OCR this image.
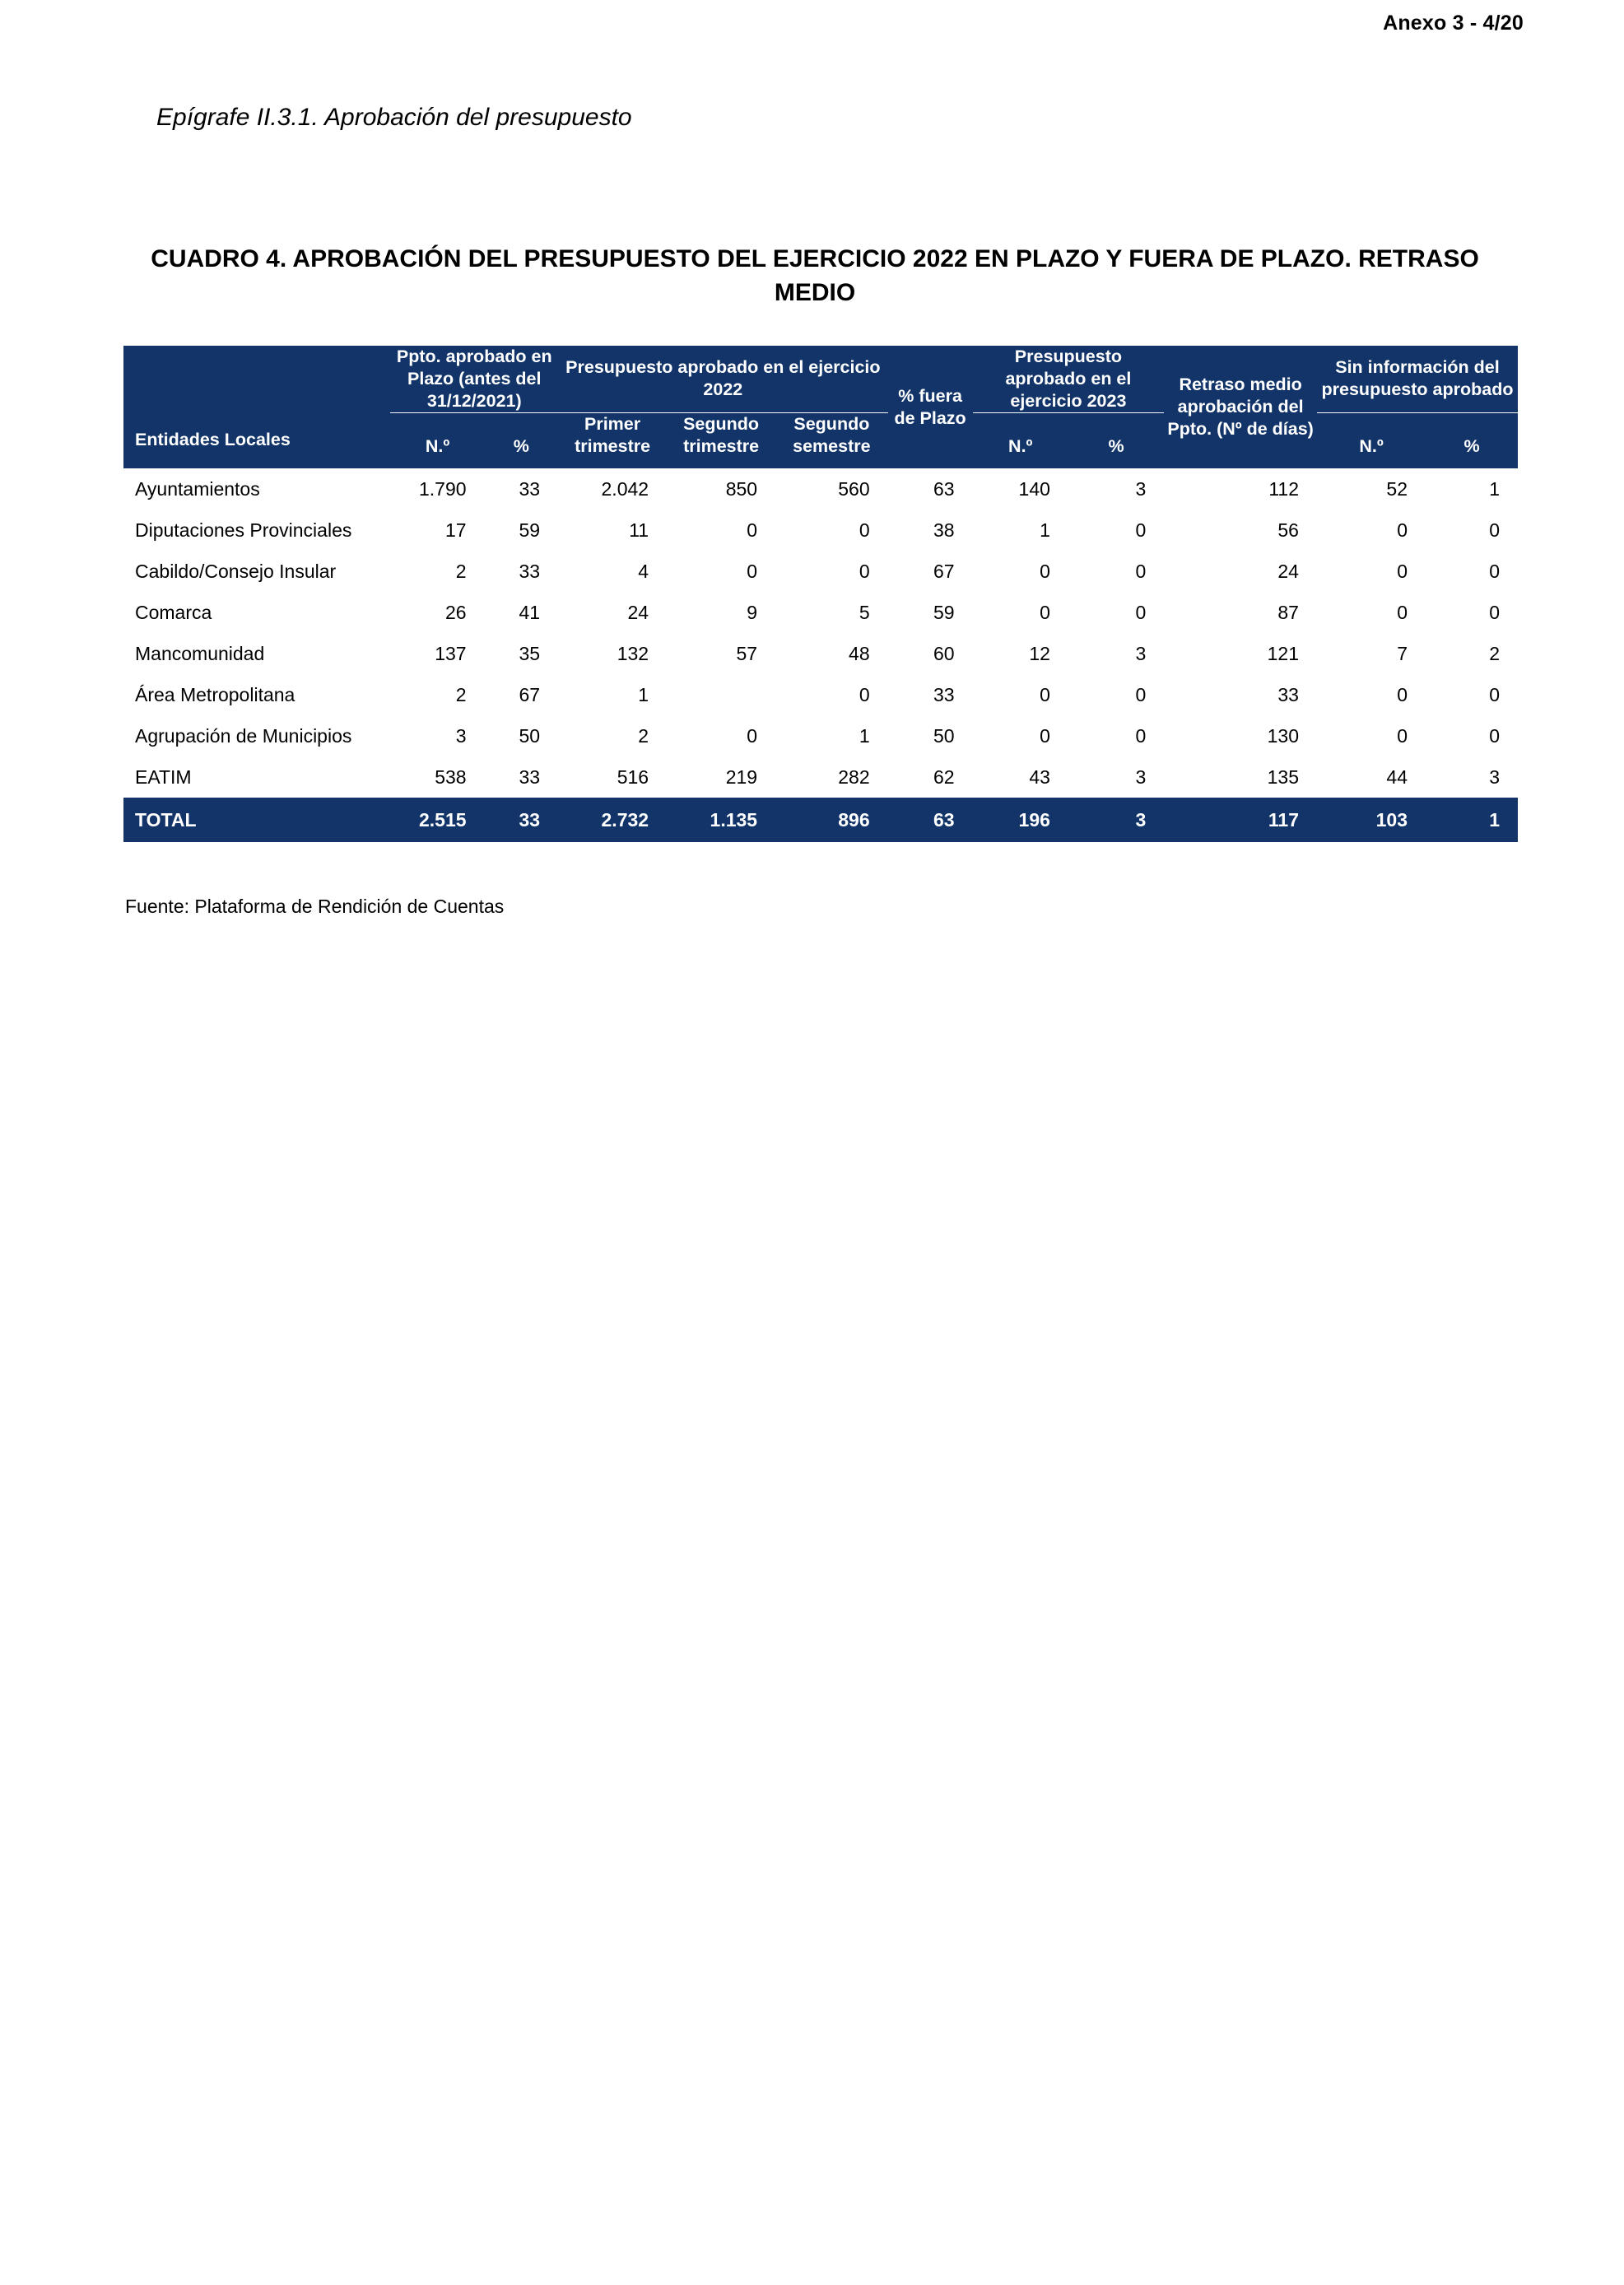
Anexo 3 - 4/20
Epígrafe II.3.1. Aprobación del presupuesto
CUADRO 4. APROBACIÓN DEL PRESUPUESTO DEL EJERCICIO 2022 EN PLAZO Y FUERA DE PLAZO. RETRASO MEDIO
Entidades Locales	Ppto. aprobado en Plazo (antes del 31/12/2021)		Presupuesto aprobado en el ejercicio 2022			% fuera de Plazo	Presupuesto aprobado en el ejercicio 2023		Retraso medio aprobación del Ppto. (Nº de días)	Sin información del presupuesto aprobado	
	N.º	%	Primer trimestre	Segundo trimestre	Segundo semestre		N.º	%		N.º	%
Ayuntamientos	1.790	33	2.042	850	560	63	140	3	112	52	1
Diputaciones Provinciales	17	59	11	0	0	38	1	0	56	0	0
Cabildo/Consejo Insular	2	33	4	0	0	67	0	0	24	0	0
Comarca	26	41	24	9	5	59	0	0	87	0	0
Mancomunidad	137	35	132	57	48	60	12	3	121	7	2
Área Metropolitana	2	67	1		0	33	0	0	33	0	0
Agrupación de Municipios	3	50	2	0	1	50	0	0	130	0	0
EATIM	538	33	516	219	282	62	43	3	135	44	3
TOTAL	2.515	33	2.732	1.135	896	63	196	3	117	103	1
Fuente: Plataforma de Rendición de Cuentas
